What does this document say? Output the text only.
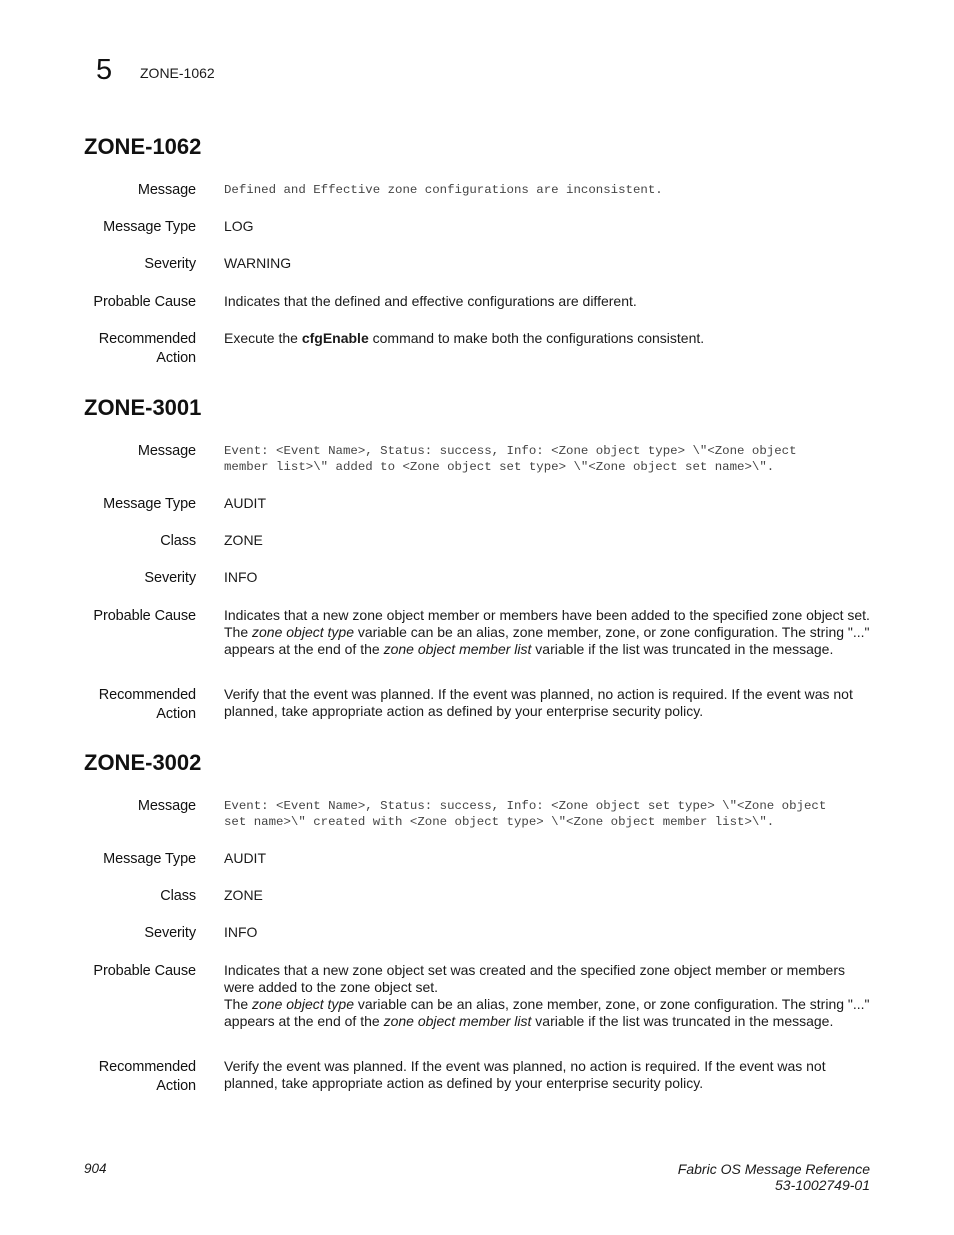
5 ZONE-1062
ZONE-1062
Message Defined and Effective zone configurations are inconsistent.
Message Type LOG
Severity WARNING
Probable Cause Indicates that the defined and effective configurations are different.
Recommended
Action
Execute the cfgEnable command to make both the configurations consistent.
ZONE-3001
Message Event: <Event Name>, Status: success, Info: <Zone object type> \"<Zone object
member list>\" added to <Zone object set type> \"<Zone object set name>\".
Message Type AUDIT
Class ZONE
Severity INFO
Probable Cause Indicates that a new zone object member or members have been added to the specified zone object set.

The zone object type variable can be an alias, zone member, zone, or zone configuration. The string "..." appears at the end of the zone object member list variable if the list was truncated in the message.

Recommended
Action
Verify that the event was planned. If the event was planned, no action is required. If the event was not planned, take appropriate action as defined by your enterprise security policy.
ZONE-3002
Message Event: <Event Name>, Status: success, Info: <Zone object set type> \"<Zone object
set name>\" created with <Zone object type> \"<Zone object member list>\".
Message Type AUDIT
Class ZONE
Severity INFO
Probable Cause Indicates that a new zone object set was created and the specified zone object member or members were added to the zone object set.

The zone object type variable can be an alias, zone member, zone, or zone configuration. The string "..." appears at the end of the zone object member list variable if the list was truncated in the message.

Recommended
Action
Verify the event was planned. If the event was planned, no action is required. If the event was not planned, take appropriate action as defined by your enterprise security policy.
904	Fabric OS Message Reference
53-1002749-01
